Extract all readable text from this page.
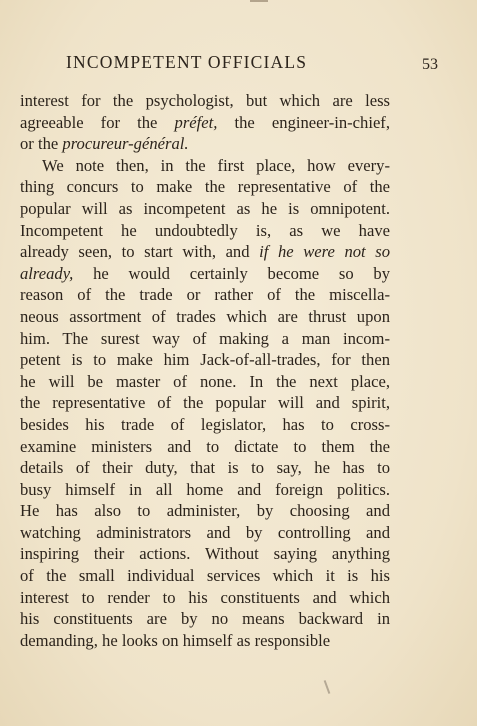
INCOMPETENT OFFICIALS	53
interest for the psychologist, but which are less
agreeable for the préfet, the engineer-in-chief,
or the procureur-général.
We note then, in the first place, how every-
thing concurs to make the representative of the
popular will as incompetent as he is omnipotent.
Incompetent he undoubtedly is, as we have
already seen, to start with, and if he were not so
already, he would certainly become so by
reason of the trade or rather of the miscella-
neous assortment of trades which are thrust upon
him. The surest way of making a man incom-
petent is to make him Jack-of-all-trades, for then
he will be master of none. In the next place,
the representative of the popular will and spirit,
besides his trade of legislator, has to cross-
examine ministers and to dictate to them the
details of their duty, that is to say, he has to
busy himself in all home and foreign politics.
He has also to administer, by choosing and
watching administrators and by controlling and
inspiring their actions. Without saying anything
of the small individual services which it is his
interest to render to his constituents and which
his constituents are by no means backward in
demanding, he looks on himself as responsible
